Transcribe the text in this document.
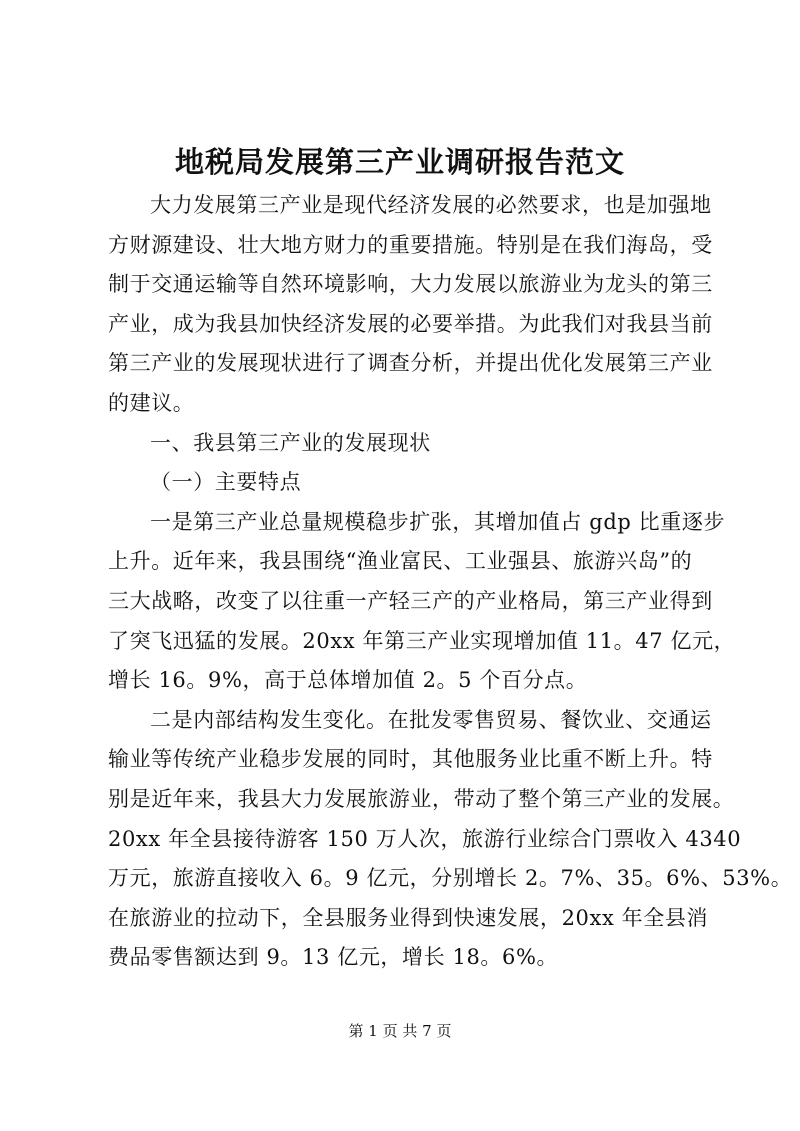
地税局发展第三产业调研报告范文
大力发展第三产业是现代经济发展的必然要求，也是加强地
方财源建设、壮大地方财力的重要措施。特别是在我们海岛，受
制于交通运输等自然环境影响，大力发展以旅游业为龙头的第三
产业，成为我县加快经济发展的必要举措。为此我们对我县当前
第三产业的发展现状进行了调查分析，并提出优化发展第三产业
的建议。
一、我县第三产业的发展现状
（一）主要特点
一是第三产业总量规模稳步扩张，其增加值占 gdp 比重逐步
上升。近年来，我县围绕“渔业富民、工业强县、旅游兴岛”的
三大战略，改变了以往重一产轻三产的产业格局，第三产业得到
了突飞迅猛的发展。20xx 年第三产业实现增加值 11。47 亿元，
增长 16。9%，高于总体增加值 2。5 个百分点。
二是内部结构发生变化。在批发零售贸易、餐饮业、交通运
输业等传统产业稳步发展的同时，其他服务业比重不断上升。特
别是近年来，我县大力发展旅游业，带动了整个第三产业的发展。
20xx 年全县接待游客 150 万人次，旅游行业综合门票收入 4340
万元，旅游直接收入 6。9 亿元，分别增长 2。7%、35。6%、53%。
在旅游业的拉动下，全县服务业得到快速发展，20xx 年全县消
费品零售额达到 9。13 亿元，增长 18。6%。
第 1 页 共 7 页
